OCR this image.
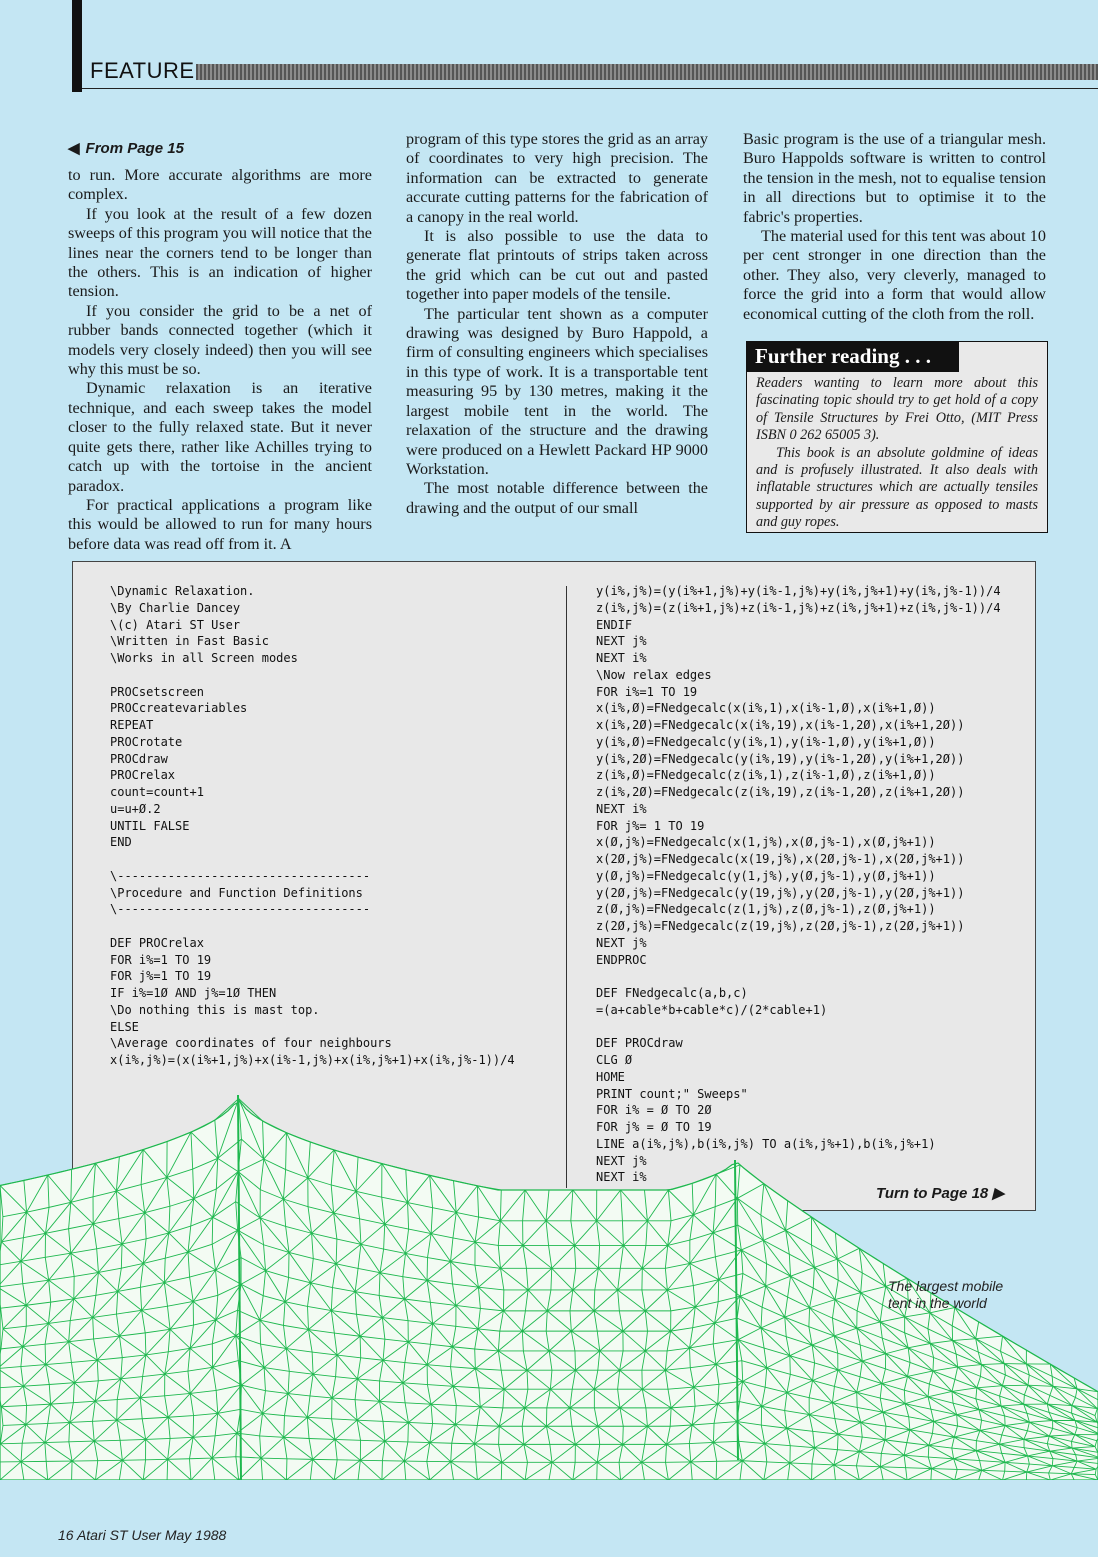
FEATURE
◀ From Page 15

to run. More accurate algorithms are more complex.

If you look at the result of a few dozen sweeps of this program you will notice that the lines near the corners tend to be longer than the others. This is an indication of higher tension.

If you consider the grid to be a net of rubber bands connected together (which it models very closely indeed) then you will see why this must be so.

Dynamic relaxation is an iterative technique, and each sweep takes the model closer to the fully relaxed state. But it never quite gets there, rather like Achilles trying to catch up with the tortoise in the ancient paradox.

For practical applications a program like this would be allowed to run for many hours before data was read off from it. A

program of this type stores the grid as an array of coordinates to very high precision. The information can be extracted to generate accurate cutting patterns for the fabrication of a canopy in the real world.

It is also possible to use the data to generate flat printouts of strips taken across the grid which can be cut out and pasted together into paper models of the tensile.

The particular tent shown as a computer drawing was designed by Buro Happold, a firm of consulting engineers which specialises in this type of work. It is a transportable tent measuring 95 by 130 metres, making it the largest mobile tent in the world. The relaxation of the structure and the drawing were produced on a Hewlett Packard HP 9000 Workstation.

The most notable difference between the drawing and the output of our small

Basic program is the use of a triangular mesh. Buro Happolds software is written to control the tension in the mesh, not to equalise tension in all directions but to optimise it to the fabric's properties.

The material used for this tent was about 10 per cent stronger in one direction than the other. They also, very cleverly, managed to force the grid into a form that would allow economical cutting of the cloth from the roll.

Further reading . . .

Readers wanting to learn more about this fascinating topic should try to get hold of a copy of Tensile Structures by Frei Otto, (MIT Press ISBN 0 262 65005 3).

This book is an absolute goldmine of ideas and is profusely illustrated. It also deals with inflatable structures which are actually tensiles supported by air pressure as opposed to masts and guy ropes.

\Dynamic Relaxation.
\By Charlie Dancey
\(c) Atari ST User
\Written in Fast Basic
\Works in all Screen modes

PROCsetscreen
PROCcreatevariables
REPEAT
PROCrotate
PROCdraw
PROCrelax
count=count+1
u=u+Ø.2
UNTIL FALSE
END

\-----------------------------------
\Procedure and Function Definitions
\-----------------------------------

DEF PROCrelax
FOR i%=1 TO 19
FOR j%=1 TO 19
IF i%=1Ø AND j%=1Ø THEN
\Do nothing this is mast top.
ELSE
\Average coordinates of four neighbours
x(i%,j%)=(x(i%+1,j%)+x(i%-1,j%)+x(i%,j%+1)+x(i%,j%-1))/4
y(i%,j%)=(y(i%+1,j%)+y(i%-1,j%)+y(i%,j%+1)+y(i%,j%-1))/4
z(i%,j%)=(z(i%+1,j%)+z(i%-1,j%)+z(i%,j%+1)+z(i%,j%-1))/4
ENDIF
NEXT j%
NEXT i%
\Now relax edges
FOR i%=1 TO 19
x(i%,Ø)=FNedgecalc(x(i%,1),x(i%-1,Ø),x(i%+1,Ø))
x(i%,2Ø)=FNedgecalc(x(i%,19),x(i%-1,2Ø),x(i%+1,2Ø))
y(i%,Ø)=FNedgecalc(y(i%,1),y(i%-1,Ø),y(i%+1,Ø))
y(i%,2Ø)=FNedgecalc(y(i%,19),y(i%-1,2Ø),y(i%+1,2Ø))
z(i%,Ø)=FNedgecalc(z(i%,1),z(i%-1,Ø),z(i%+1,Ø))
z(i%,2Ø)=FNedgecalc(z(i%,19),z(i%-1,2Ø),z(i%+1,2Ø))
NEXT i%
FOR j%= 1 TO 19
x(Ø,j%)=FNedgecalc(x(1,j%),x(Ø,j%-1),x(Ø,j%+1))
x(2Ø,j%)=FNedgecalc(x(19,j%),x(2Ø,j%-1),x(2Ø,j%+1))
y(Ø,j%)=FNedgecalc(y(1,j%),y(Ø,j%-1),y(Ø,j%+1))
y(2Ø,j%)=FNedgecalc(y(19,j%),y(2Ø,j%-1),y(2Ø,j%+1))
z(Ø,j%)=FNedgecalc(z(1,j%),z(Ø,j%-1),z(Ø,j%+1))
z(2Ø,j%)=FNedgecalc(z(19,j%),z(2Ø,j%-1),z(2Ø,j%+1))
NEXT j%
ENDPROC

DEF FNedgecalc(a,b,c)
=(a+cable*b+cable*c)/(2*cable+1)

DEF PROCdraw
CLG Ø
HOME
PRINT count;" Sweeps"
FOR i% = Ø TO 2Ø
FOR j% = Ø TO 19
LINE a(i%,j%),b(i%,j%) TO a(i%,j%+1),b(i%,j%+1)
NEXT j%
NEXT i%
Turn to Page 18 ▶
The largest mobile tent in the world
16 Atari ST User May 1988
